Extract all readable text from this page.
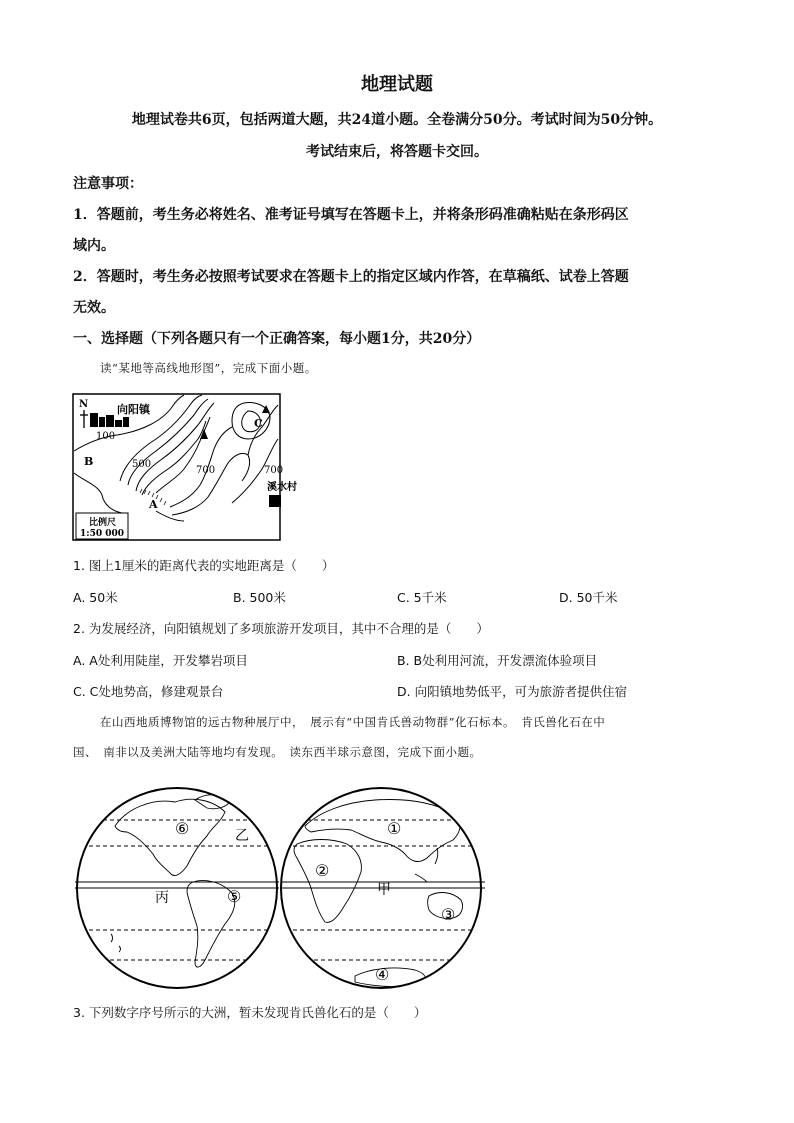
地理试题
地理试卷共6页，包括两道大题，共24道小题。全卷满分50分。考试时间为50分钟。
考试结束后，将答题卡交回。
注意事项：
1．答题前，考生务必将姓名、准考证号填写在答题卡上，并将条形码准确粘贴在条形码区
域内。
2．答题时，考生务必按照考试要求在答题卡上的指定区域内作答，在草稿纸、试卷上答题
无效。
一、选择题（下列各题只有一个正确答案，每小题1分，共20分）
读“某地等高线地形图”，完成下面小题。
N	向阳镇
100
B	500
700	700
C
A
溪水村
比例尺
1:50 000
1. 图上1厘米的距离代表的实地距离是（　　）
A. 50米	B. 500米	C. 5千米	D. 50千米
2. 为发展经济，向阳镇规划了多项旅游开发项目，其中不合理的是（　　）
A. A处利用陡崖，开发攀岩项目	B. B处利用河流，开发漂流体验项目
C. C处地势高，修建观景台	D. 向阳镇地势低平，可为旅游者提供住宿
在山西地质博物馆的远古物种展厅中，　展示有“中国肯氏兽动物群”化石标本。　肯氏兽化石在中
国、　南非以及美洲大陆等地均有发现。　读东西半球示意图，完成下面小题。
⑥	乙
丙	⑤
①
②
甲
③
④
3. 下列数字序号所示的大洲，暂未发现肯氏兽化石的是（　　）
